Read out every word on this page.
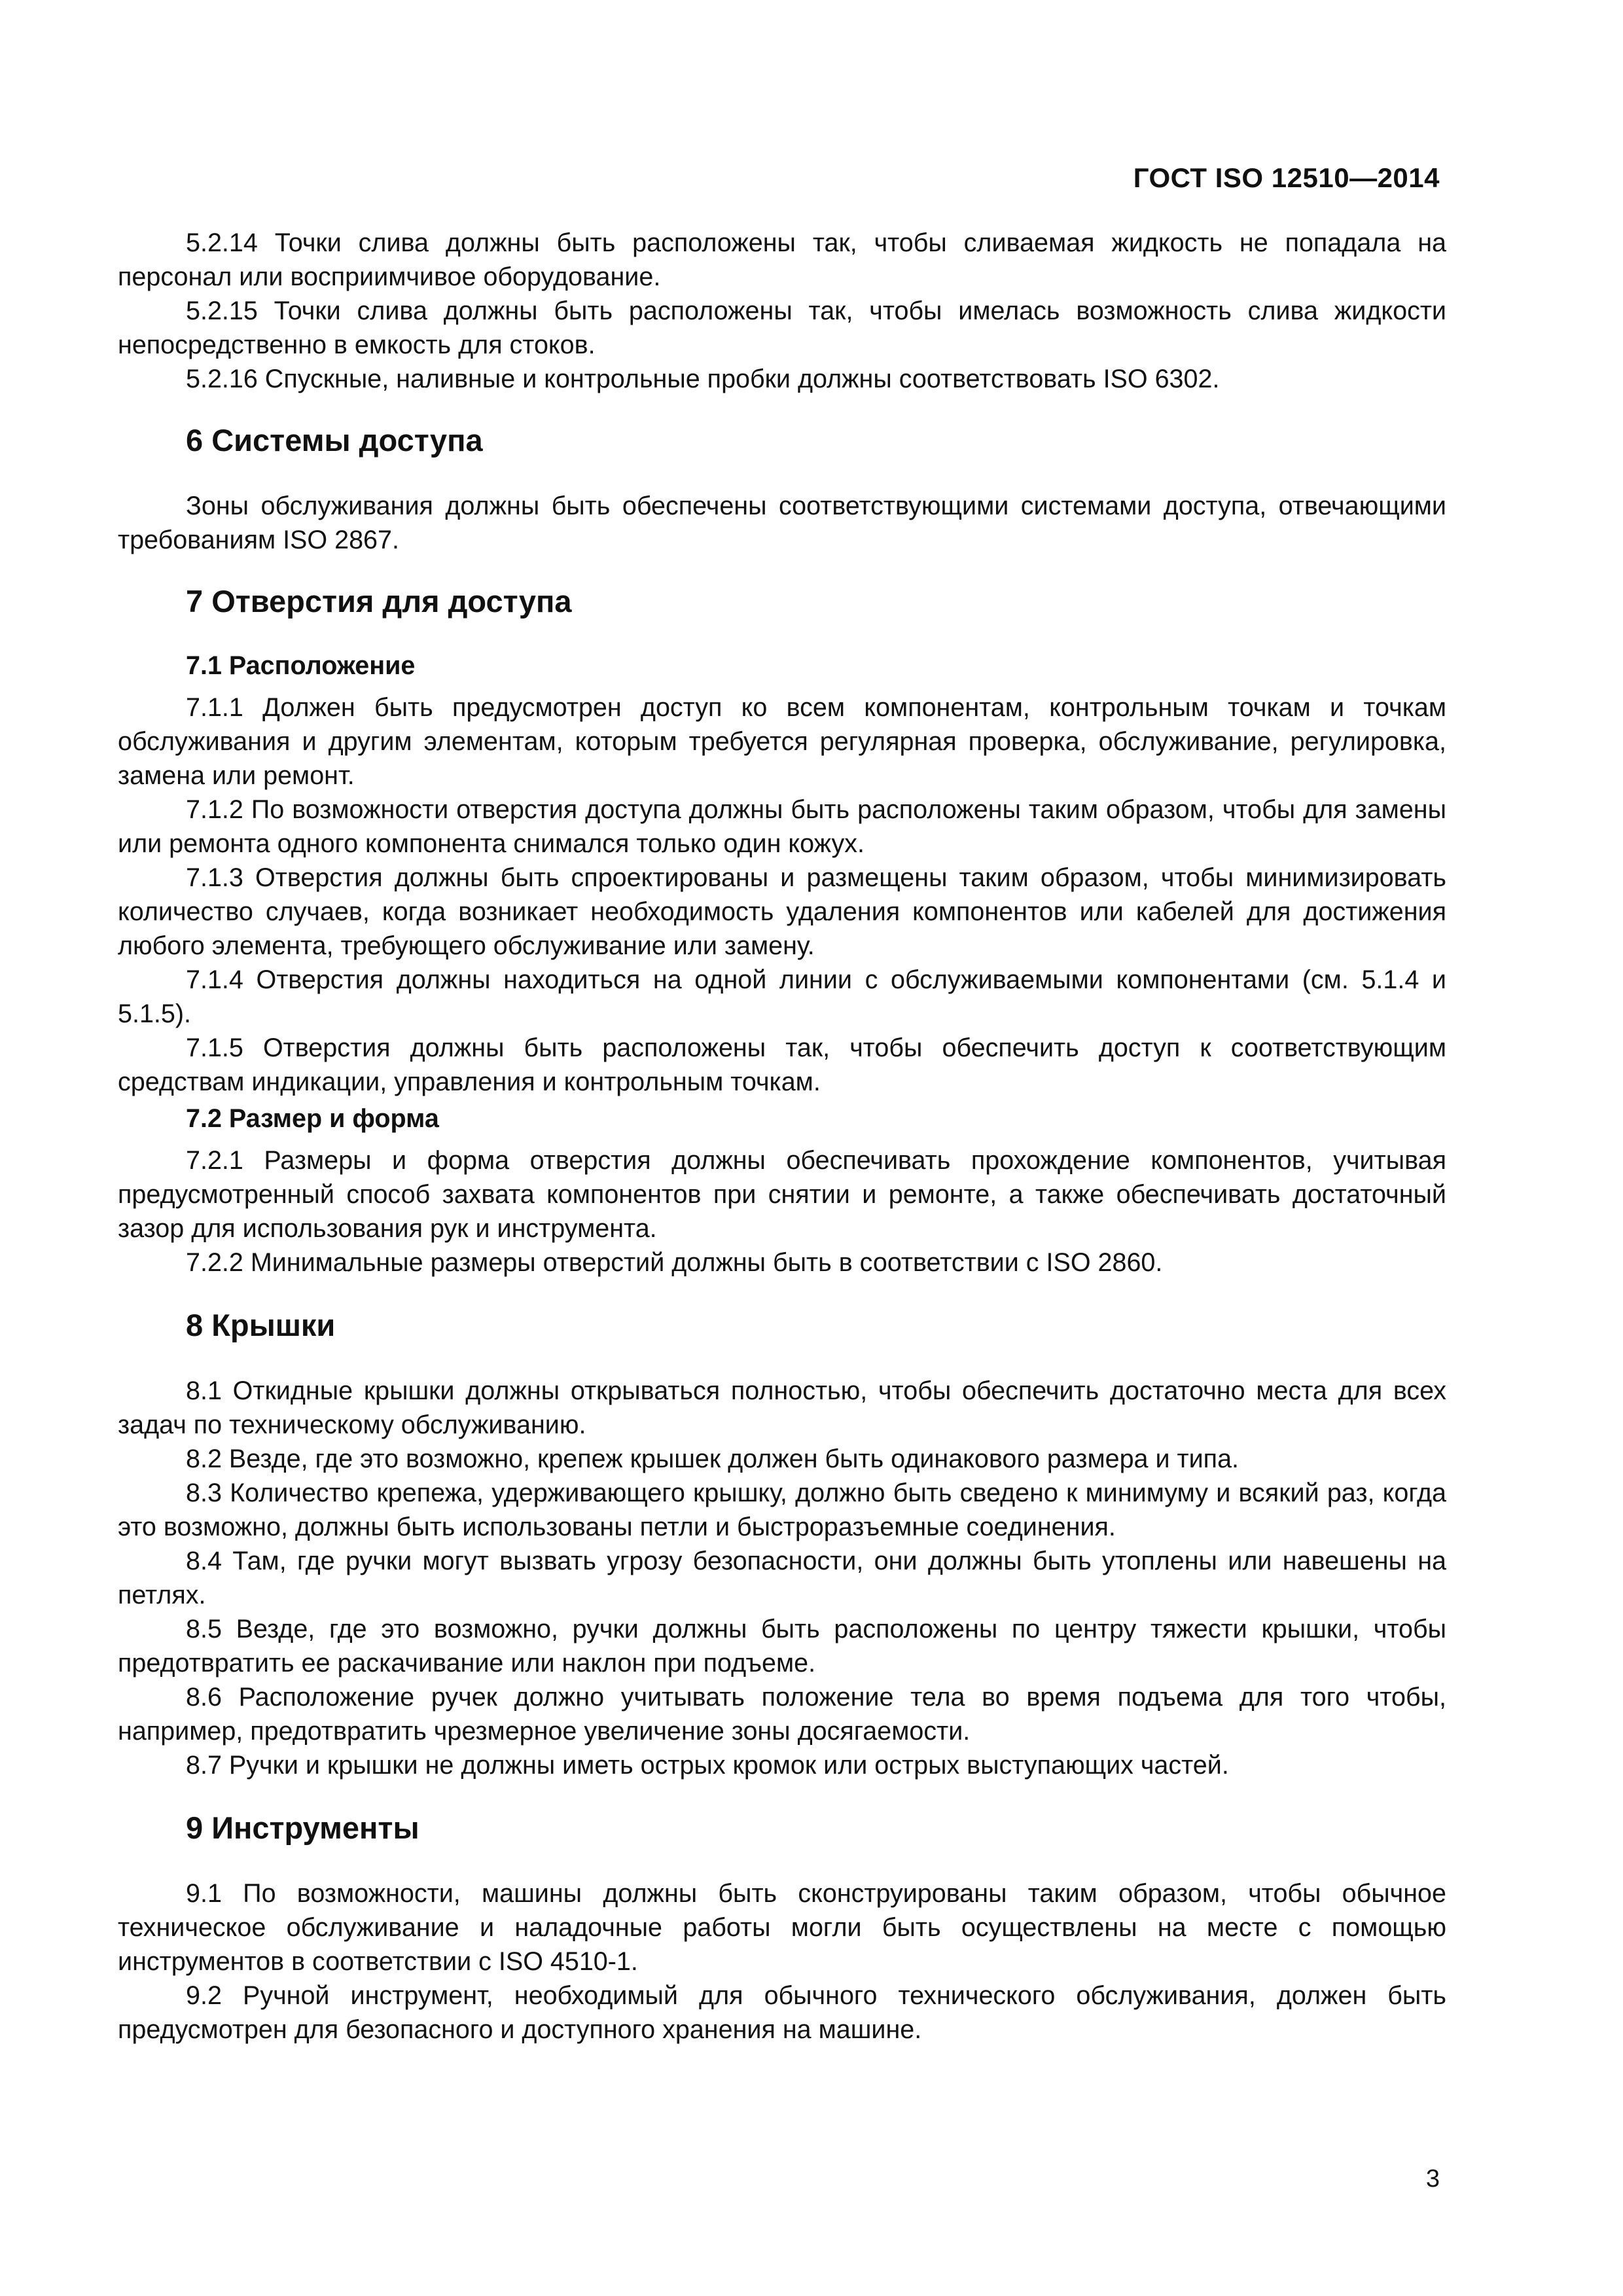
ГОСТ ISO 12510—2014

5.2.14 Точки слива должны быть расположены так, чтобы сливаемая жидкость не попадала на персонал или восприимчивое оборудование.

5.2.15 Точки слива должны быть расположены так, чтобы имелась возможность слива жидкости непосредственно в емкость для стоков.

5.2.16 Спускные, наливные и контрольные пробки должны соответствовать ISO 6302.

6 Системы доступа

Зоны обслуживания должны быть обеспечены соответствующими системами доступа, отвечающими требованиям ISO 2867.

7 Отверстия для доступа
7.1 Расположение

7.1.1 Должен быть предусмотрен доступ ко всем компонентам, контрольным точкам и точкам обслуживания и другим элементам, которым требуется регулярная проверка, обслуживание, регулировка, замена или ремонт.

7.1.2 По возможности отверстия доступа должны быть расположены таким образом, чтобы для замены или ремонта одного компонента снимался только один кожух.

7.1.3 Отверстия должны быть спроектированы и размещены таким образом, чтобы минимизировать количество случаев, когда возникает необходимость удаления компонентов или кабелей для достижения любого элемента, требующего обслуживание или замену.

7.1.4 Отверстия должны находиться на одной линии с обслуживаемыми компонентами (см. 5.1.4 и 5.1.5).

7.1.5 Отверстия должны быть расположены так, чтобы обеспечить доступ к соответствующим средствам индикации, управления и контрольным точкам.

7.2 Размер и форма

7.2.1 Размеры и форма отверстия должны обеспечивать прохождение компонентов, учитывая предусмотренный способ захвата компонентов при снятии и ремонте, а также обеспечивать достаточный зазор для использования рук и инструмента.

7.2.2 Минимальные размеры отверстий должны быть в соответствии с ISO 2860.

8 Крышки

8.1 Откидные крышки должны открываться полностью, чтобы обеспечить достаточно места для всех задач по техническому обслуживанию.

8.2 Везде, где это возможно, крепеж крышек должен быть одинакового размера и типа.

8.3 Количество крепежа, удерживающего крышку, должно быть сведено к минимуму и всякий раз, когда это возможно, должны быть использованы петли и быстроразъемные соединения.

8.4 Там, где ручки могут вызвать угрозу безопасности, они должны быть утоплены или навешены на петлях.

8.5 Везде, где это возможно, ручки должны быть расположены по центру тяжести крышки, чтобы предотвратить ее раскачивание или наклон при подъеме.

8.6 Расположение ручек должно учитывать положение тела во время подъема для того чтобы, например, предотвратить чрезмерное увеличение зоны досягаемости.

8.7 Ручки и крышки не должны иметь острых кромок или острых выступающих частей.

9 Инструменты

9.1 По возможности, машины должны быть сконструированы таким образом, чтобы обычное техническое обслуживание и наладочные работы могли быть осуществлены на месте с помощью инструментов в соответствии с ISO 4510-1.

9.2 Ручной инструмент, необходимый для обычного технического обслуживания, должен быть предусмотрен для безопасного и доступного хранения на машине.

3
